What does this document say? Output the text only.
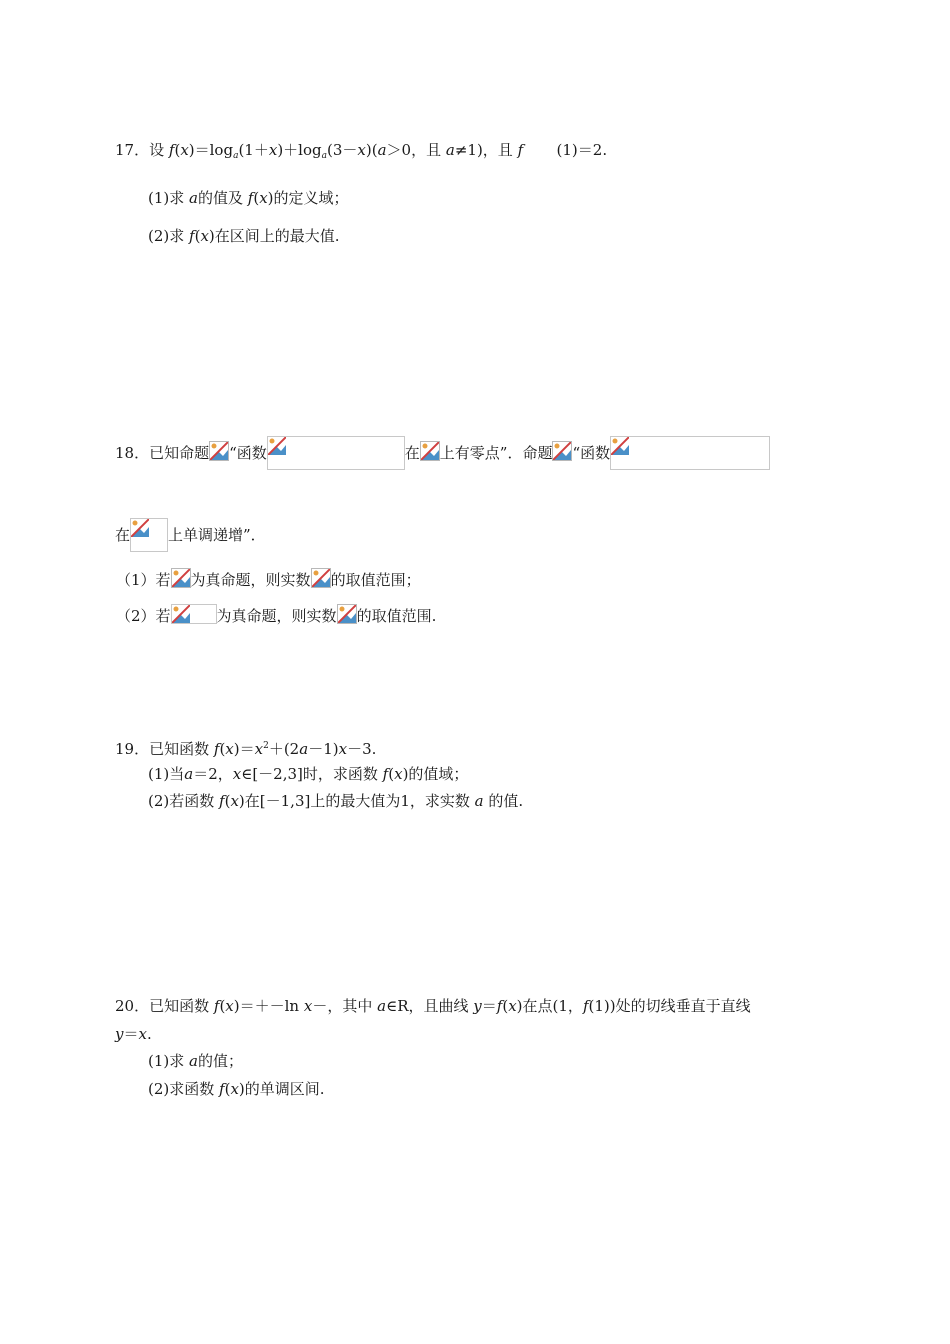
17．设 $f(x)=\log_a(1+x)+\log_a(3-x)(a>0$，且 a≠1)，且 f (1)＝2.
(1)求 a的值及 f(x)的定义域；
(2)求 f(x)在区间上的最大值.
18．已知命题 “函数	在 上有零点”．命题 “函数
在	上单调递增”．
（1）若 为真命题，则实数 的取值范围；
（2）若	为真命题，则实数 的取值范围.
19．已知函数 $f(x)=x^2+(2a-1)x-3$.
(1)当a＝2，x∈[－2,3]时，求函数 f(x)的值域；
(2)若函数 f(x)在[－1,3]上的最大值为1，求实数 a 的值.
20．已知函数 f(x)＝＋－ln x－，其中 a∈R，且曲线 y＝f(x)在点(1，f(1))处的切线垂直于直线
y＝x.
(1)求 a的值；
(2)求函数 f(x)的单调区间.
